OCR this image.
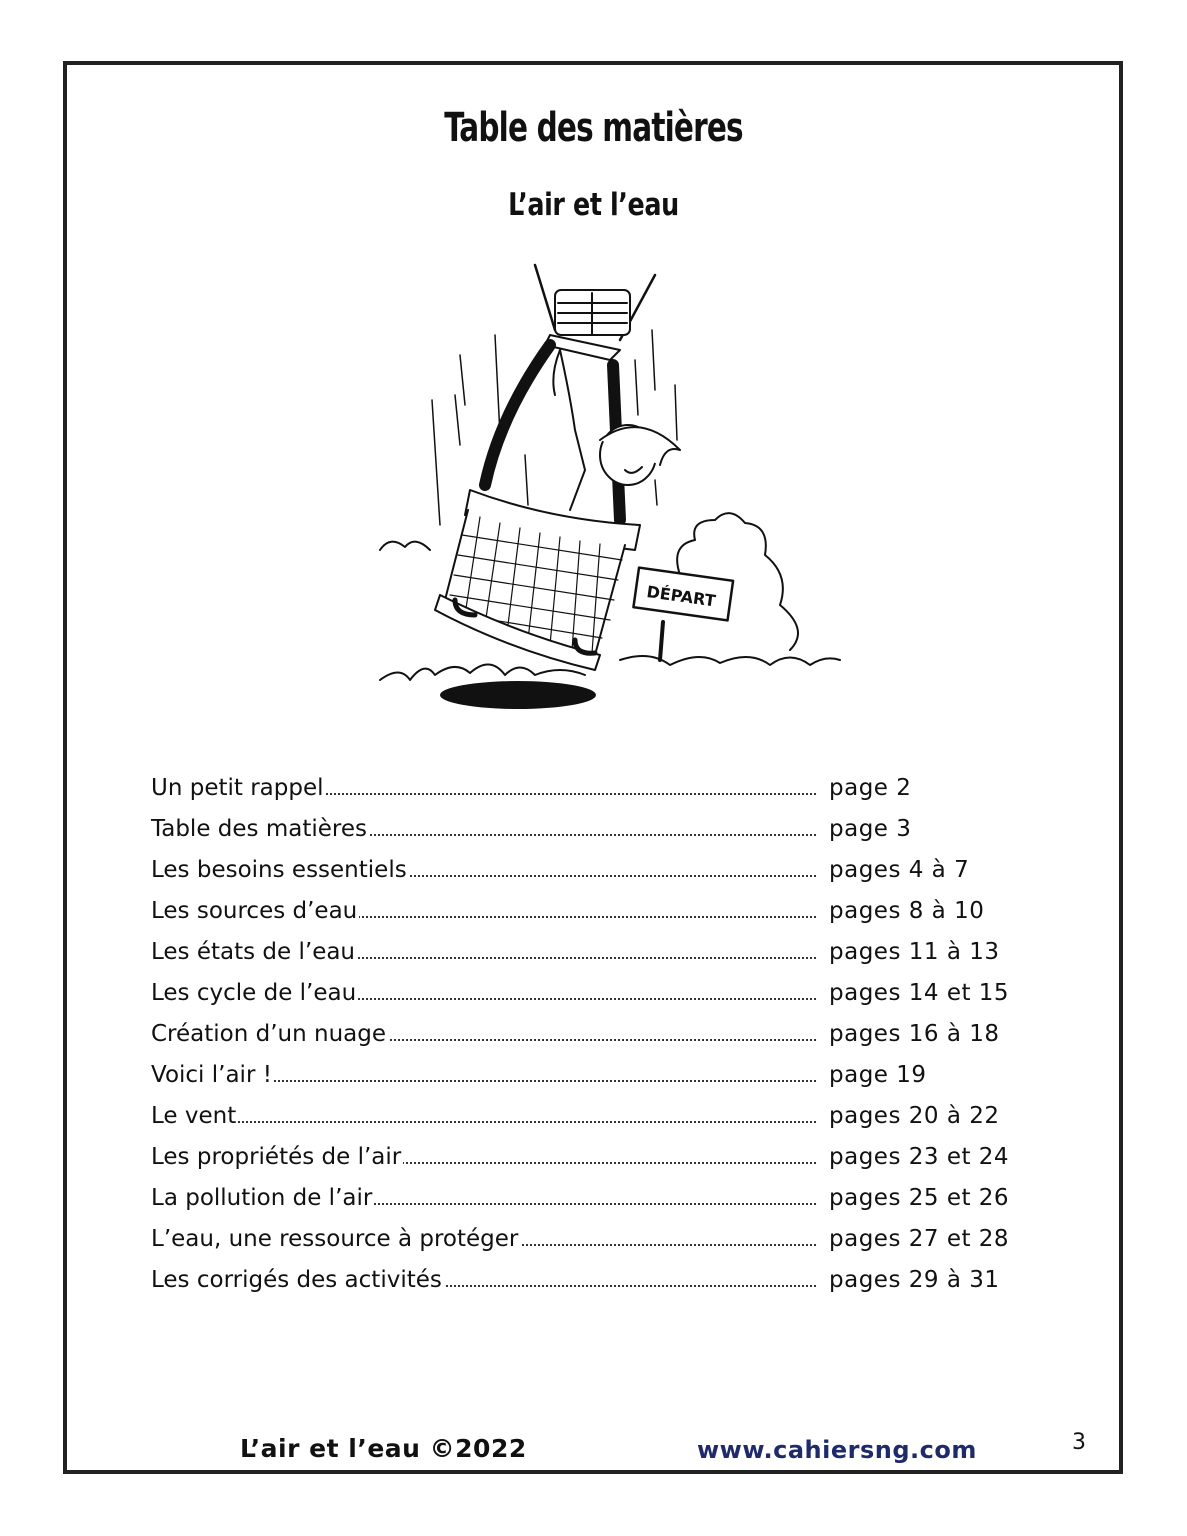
Table des matières
L’air et l’eau
DÉPART
Un petit rappel	page 2
Table des matières	page 3
Les besoins essentiels	pages 4 à 7
Les sources d’eau	pages 8 à 10
Les états de l’eau	pages 11 à 13
Les cycle de l’eau	pages 14 et 15
Création d’un nuage	pages 16 à 18
Voici l’air !	page 19
Le vent	pages 20 à 22
Les propriétés de l’air	pages 23 et 24
La pollution de l’air	pages 25 et 26
L’eau, une ressource à protéger	pages 27 et 28
Les corrigés des activités	pages 29 à 31
L’air et l’eau ©2022	www.cahiersng.com	3
